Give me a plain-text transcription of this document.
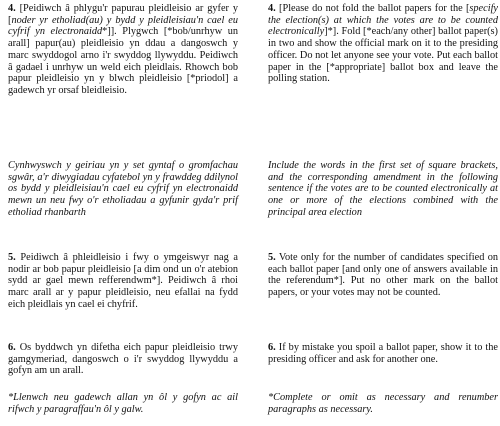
4. [Peidiwch â phlygu'r papurau pleidleisio ar gyfer y [noder yr etholiad(au) y bydd y pleidleisiau'n cael eu cyfrif yn electronaidd*]]. Plygwch [*bob/unrhyw un arall] papur(au) pleidleisio yn ddau a dangoswch y marc swyddogol arno i'r swyddog llywyddu. Peidiwch â gadael i unrhyw un weld eich pleidlais. Rhowch bob papur pleidleisio yn y blwch pleidleisio [*priodol] a gadewch yr orsaf bleidleisio.
Cynhwyswch y geiriau yn y set gyntaf o gromfachau sgwâr, a'r diwygiadau cyfatebol yn y frawddeg ddilynol os bydd y pleidleisiau'n cael eu cyfrif yn electronaidd mewn un neu fwy o'r etholiadau a gyfunir gyda'r prif etholiad rhanbarth
5. Peidiwch â phleidleisio i fwy o ymgeiswyr nag a nodir ar bob papur pleidleisio [a dim ond un o'r atebion sydd ar gael mewn refferendwm*]. Peidiwch â rhoi marc arall ar y papur pleidleisio, neu efallai na fydd eich pleidlais yn cael ei chyfrif.
6. Os byddwch yn difetha eich papur pleidleisio trwy gamgymeriad, dangoswch o i'r swyddog llywyddu a gofyn am un arall.
*Llenwch neu gadewch allan yn ôl y gofyn ac ail rifwch y paragraffau'n ôl y galw.
4. [Please do not fold the ballot papers for the [specify the election(s) at which the votes are to be counted electronically]*]. Fold [*each/any other] ballot paper(s) in two and show the official mark on it to the presiding officer. Do not let anyone see your vote. Put each ballot paper in the [*appropriate] ballot box and leave the polling station.
Include the words in the first set of square brackets, and the corresponding amendment in the following sentence if the votes are to be counted electronically at one or more of the elections combined with the principal area election
5. Vote only for the number of candidates specified on each ballot paper [and only one of answers available in the referendum*]. Put no other mark on the ballot papers, or your votes may not be counted.
6. If by mistake you spoil a ballot paper, show it to the presiding officer and ask for another one.
*Complete or omit as necessary and renumber paragraphs as necessary.
